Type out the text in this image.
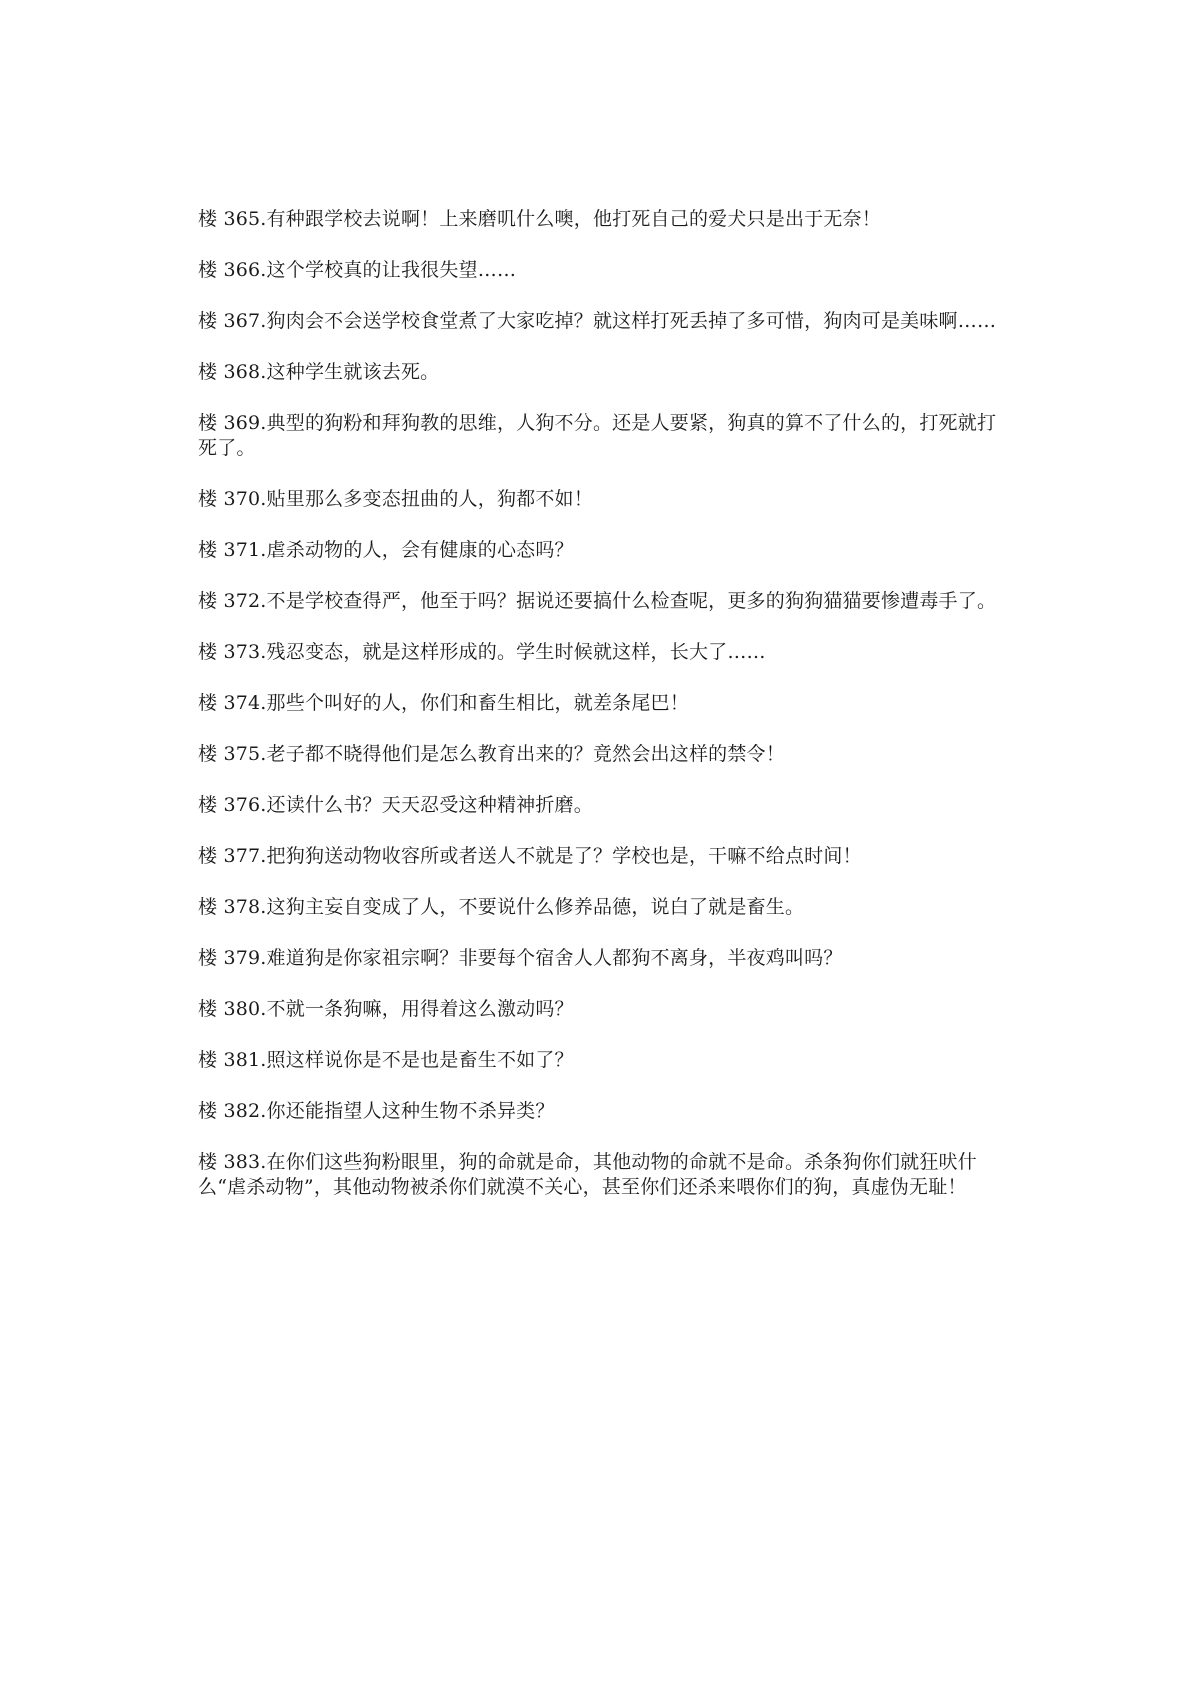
楼 365.有种跟学校去说啊！上来磨叽什么噢，他打死自己的爱犬只是出于无奈！

楼 366.这个学校真的让我很失望……

楼 367.狗肉会不会送学校食堂煮了大家吃掉？就这样打死丢掉了多可惜，狗肉可是美味啊……

楼 368.这种学生就该去死。

楼 369.典型的狗粉和拜狗教的思维，人狗不分。还是人要紧，狗真的算不了什么的，打死就打死了。

楼 370.贴里那么多变态扭曲的人，狗都不如！

楼 371.虐杀动物的人，会有健康的心态吗？

楼 372.不是学校查得严，他至于吗？据说还要搞什么检查呢，更多的狗狗猫猫要惨遭毒手了。

楼 373.残忍变态，就是这样形成的。学生时候就这样，长大了……

楼 374.那些个叫好的人，你们和畜生相比，就差条尾巴！

楼 375.老子都不晓得他们是怎么教育出来的？竟然会出这样的禁令！

楼 376.还读什么书？天天忍受这种精神折磨。

楼 377.把狗狗送动物收容所或者送人不就是了？学校也是，干嘛不给点时间！

楼 378.这狗主妄自变成了人，不要说什么修养品德，说白了就是畜生。

楼 379.难道狗是你家祖宗啊？非要每个宿舍人人都狗不离身，半夜鸡叫吗？

楼 380.不就一条狗嘛，用得着这么激动吗？

楼 381.照这样说你是不是也是畜生不如了？

楼 382.你还能指望人这种生物不杀异类？

楼 383.在你们这些狗粉眼里，狗的命就是命，其他动物的命就不是命。杀条狗你们就狂吠什么“虐杀动物”，其他动物被杀你们就漠不关心，甚至你们还杀来喂你们的狗，真虚伪无耻！
